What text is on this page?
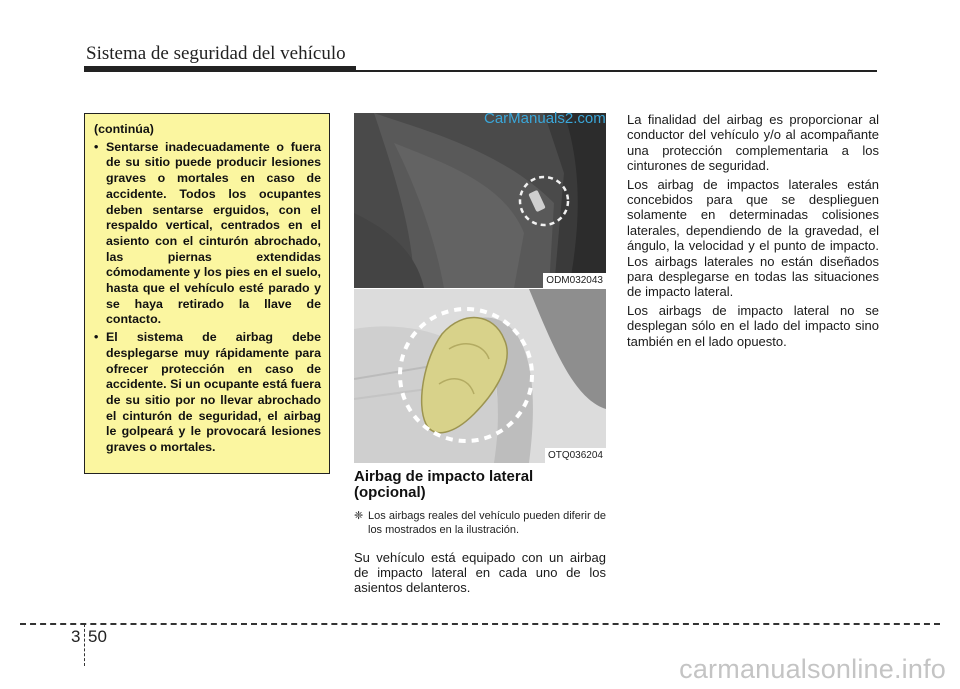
Sistema de seguridad del vehículo
(continúa)
• Sentarse inadecuadamente o fuera de su sitio puede producir lesiones graves o mortales en caso de accidente. Todos los ocupantes deben sentarse erguidos, con el respaldo vertical, centrados en el asiento con el cinturón abrochado, las piernas extendidas cómodamente y los pies en el suelo, hasta que el vehículo esté parado y se haya retirado la llave de contacto.
• El sistema de airbag debe desplegarse muy rápidamente para ofrecer protección en caso de accidente. Si un ocupante está fuera de su sitio por no llevar abrochado el cinturón de seguridad, el airbag le golpeará y le provocará lesiones graves o mortales.
ODM032043
CarManuals2.com
OTQ036204
Airbag de impacto lateral (opcional)
❈ Los airbags reales del vehículo pueden diferir de los mostrados en la ilustración.
Su vehículo está equipado con un airbag de impacto lateral en cada uno de los asientos delanteros.

La finalidad del airbag es proporcionar al conductor del vehículo y/o al acompañante una protección complementaria a los cinturones de seguridad.

Los airbag de impactos laterales están concebidos para que se desplieguen solamente en determinadas colisiones laterales, dependiendo de la gravedad, el ángulo, la velocidad y el punto de impacto. Los airbags laterales no están diseñados para desplegarse en todas las situaciones de impacto lateral.

Los airbags de impacto lateral no se desplegan sólo en el lado del impacto sino también en el lado opuesto.

3 50
carmanualsonline.info
